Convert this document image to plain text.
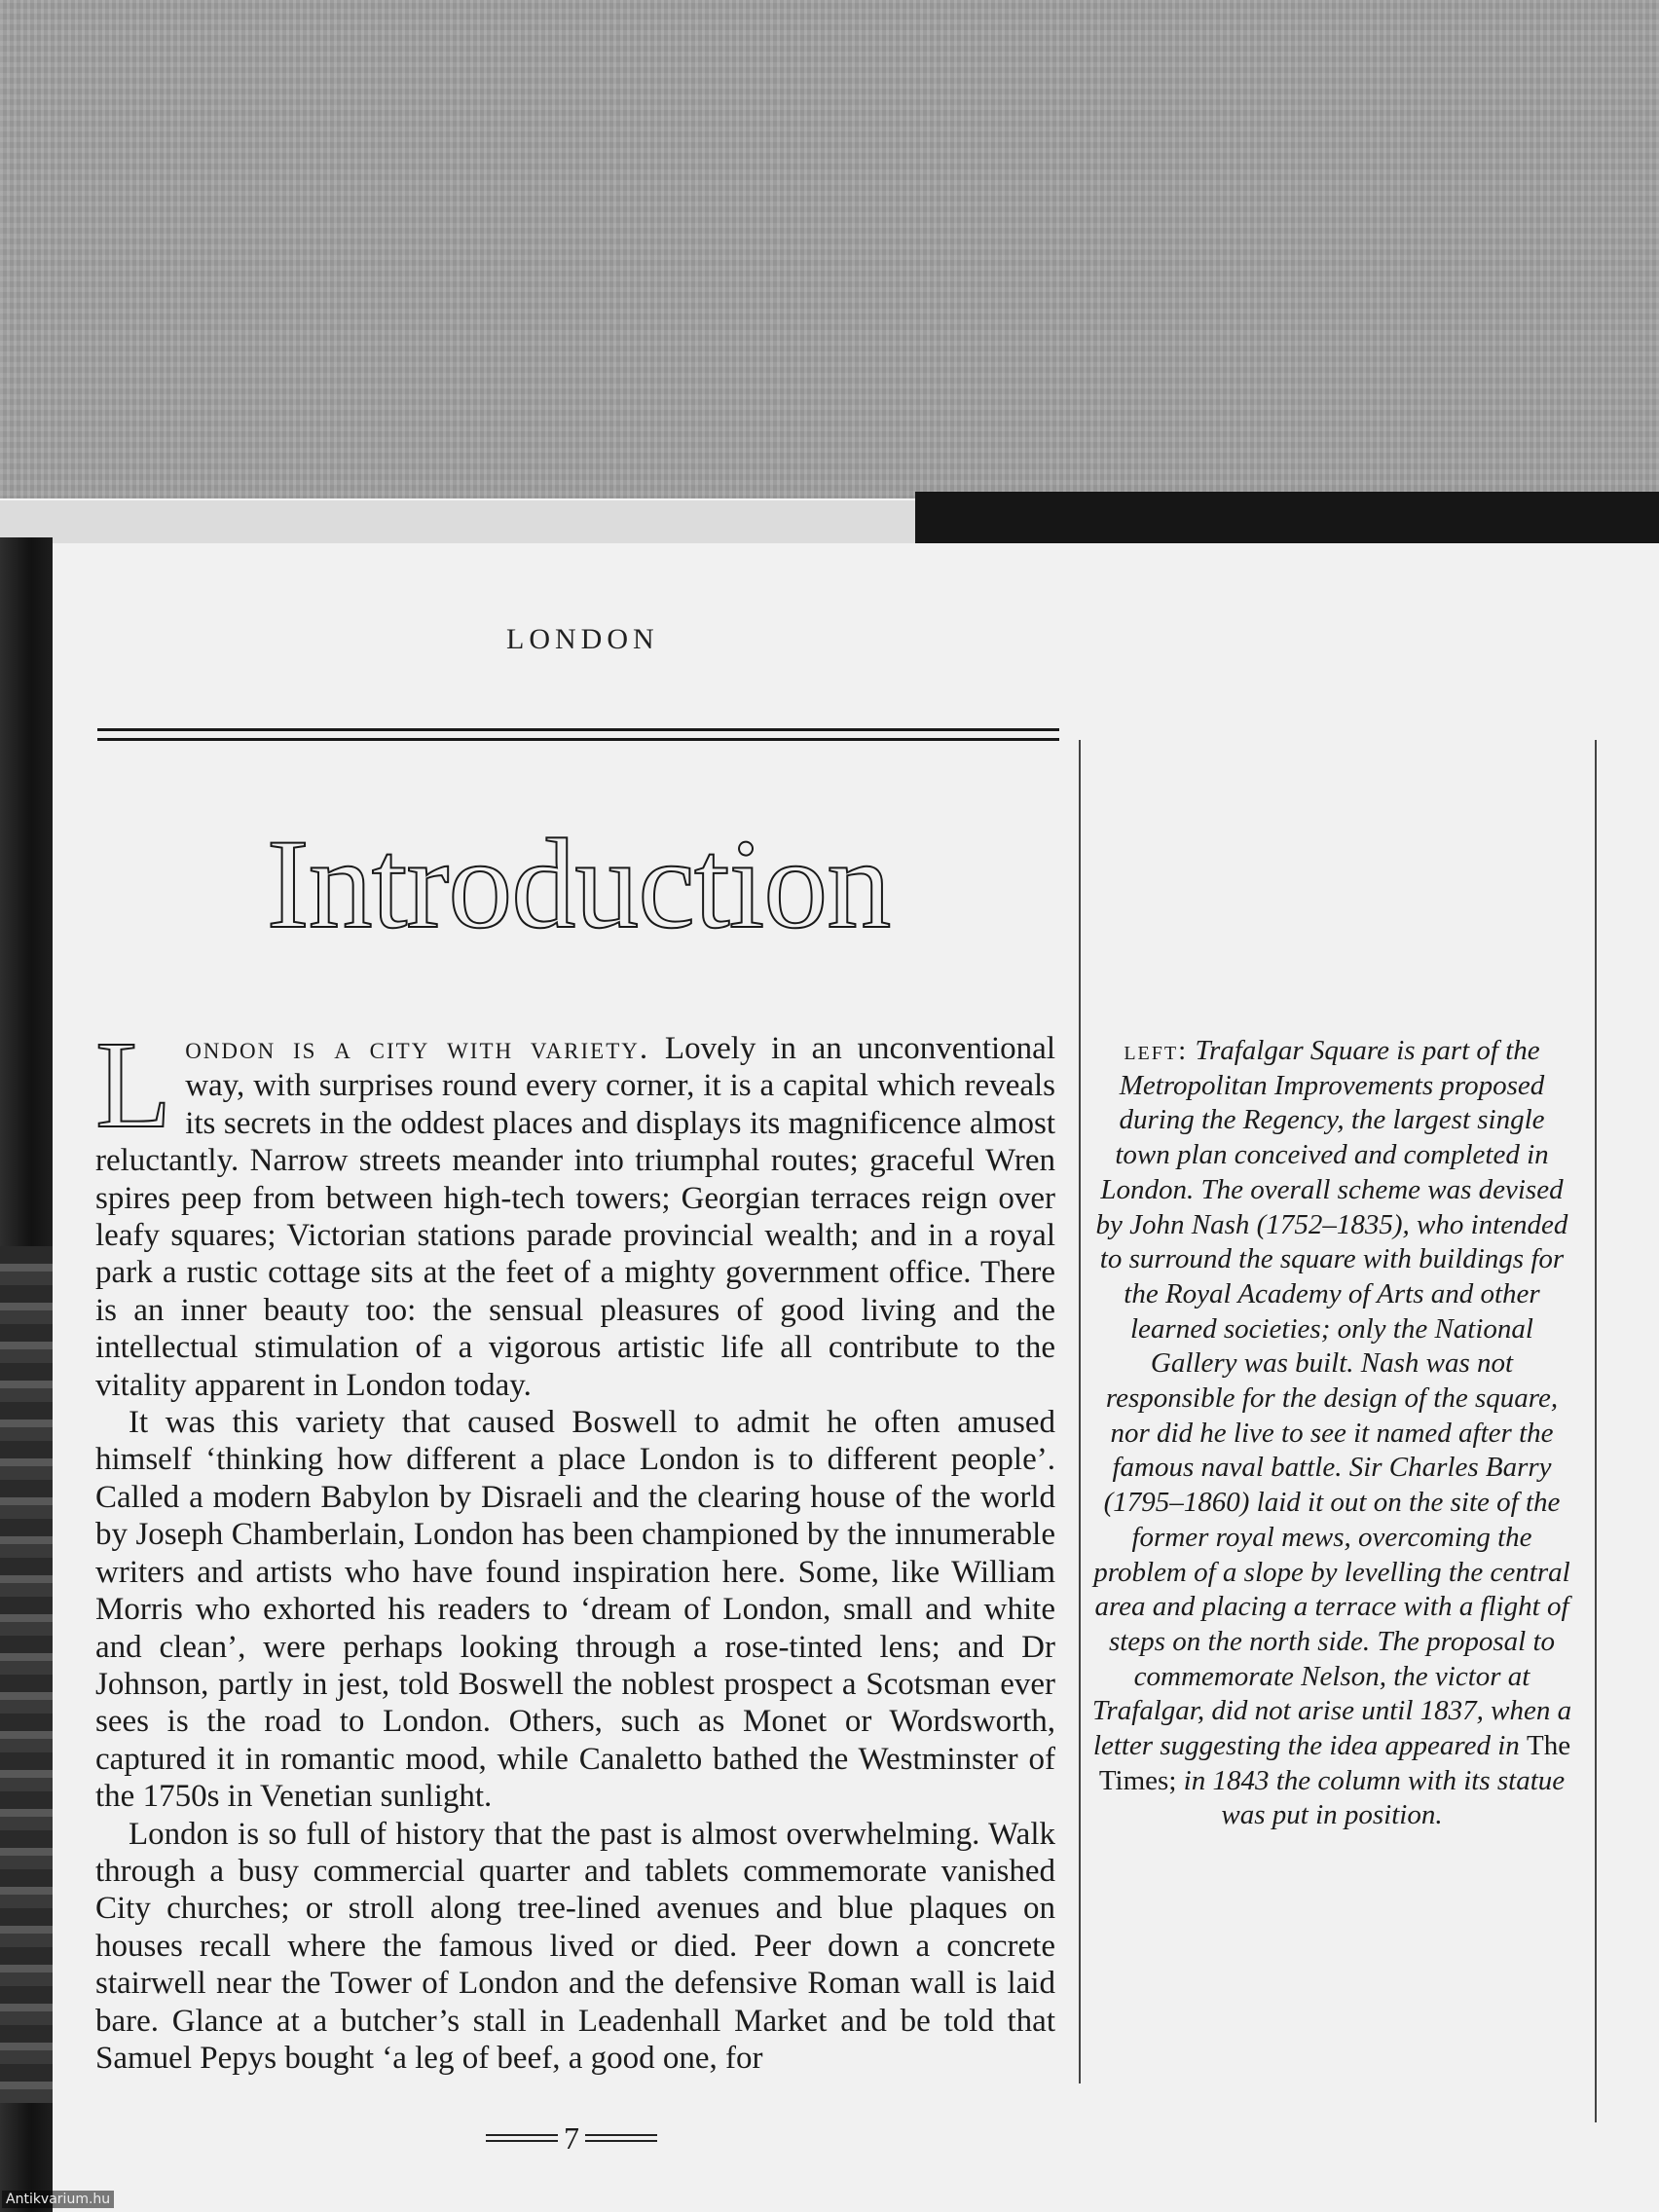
LONDON
Introduction

London is a city with variety. Lovely in an unconventional way, with surprises round every corner, it is a capital which reveals its secrets in the oddest places and displays its magnificence almost reluctantly. Narrow streets meander into triumphal routes; graceful Wren spires peep from between high-tech towers; Georgian terraces reign over leafy squares; Victorian stations parade provincial wealth; and in a royal park a rustic cottage sits at the feet of a mighty government office. There is an inner beauty too: the sensual pleasures of good living and the intellectual stimulation of a vigorous artistic life all contribute to the vitality apparent in London today.

It was this variety that caused Boswell to admit he often amused himself ‘thinking how different a place London is to different people’. Called a modern Babylon by Disraeli and the clearing house of the world by Joseph Chamberlain, London has been championed by the innumerable writers and artists who have found inspiration here. Some, like William Morris who exhorted his readers to ‘dream of London, small and white and clean’, were perhaps looking through a rose-tinted lens; and Dr Johnson, partly in jest, told Boswell the noblest prospect a Scotsman ever sees is the road to London. Others, such as Monet or Wordsworth, captured it in romantic mood, while Canaletto bathed the Westminster of the 1750s in Venetian sunlight.

London is so full of history that the past is almost overwhelming. Walk through a busy commercial quarter and tablets commemorate vanished City churches; or stroll along tree-lined avenues and blue plaques on houses recall where the famous lived or died. Peer down a concrete stairwell near the Tower of London and the defensive Roman wall is laid bare. Glance at a butcher’s stall in Leadenhall Market and be told that Samuel Pepys bought ‘a leg of beef, a good one, for

left: Trafalgar Square is part of the Metropolitan Improvements proposed during the Regency, the largest single town plan conceived and completed in London. The overall scheme was devised by John Nash (1752–1835), who intended to surround the square with buildings for the Royal Academy of Arts and other learned societies; only the National Gallery was built. Nash was not responsible for the design of the square, nor did he live to see it named after the famous naval battle. Sir Charles Barry (1795–1860) laid it out on the site of the former royal mews, overcoming the problem of a slope by levelling the central area and placing a terrace with a flight of steps on the north side. The proposal to commemorate Nelson, the victor at Trafalgar, did not arise until 1837, when a letter suggesting the idea appeared in The Times; in 1843 the column with its statue was put in position.
7
Antikvarium.hu
